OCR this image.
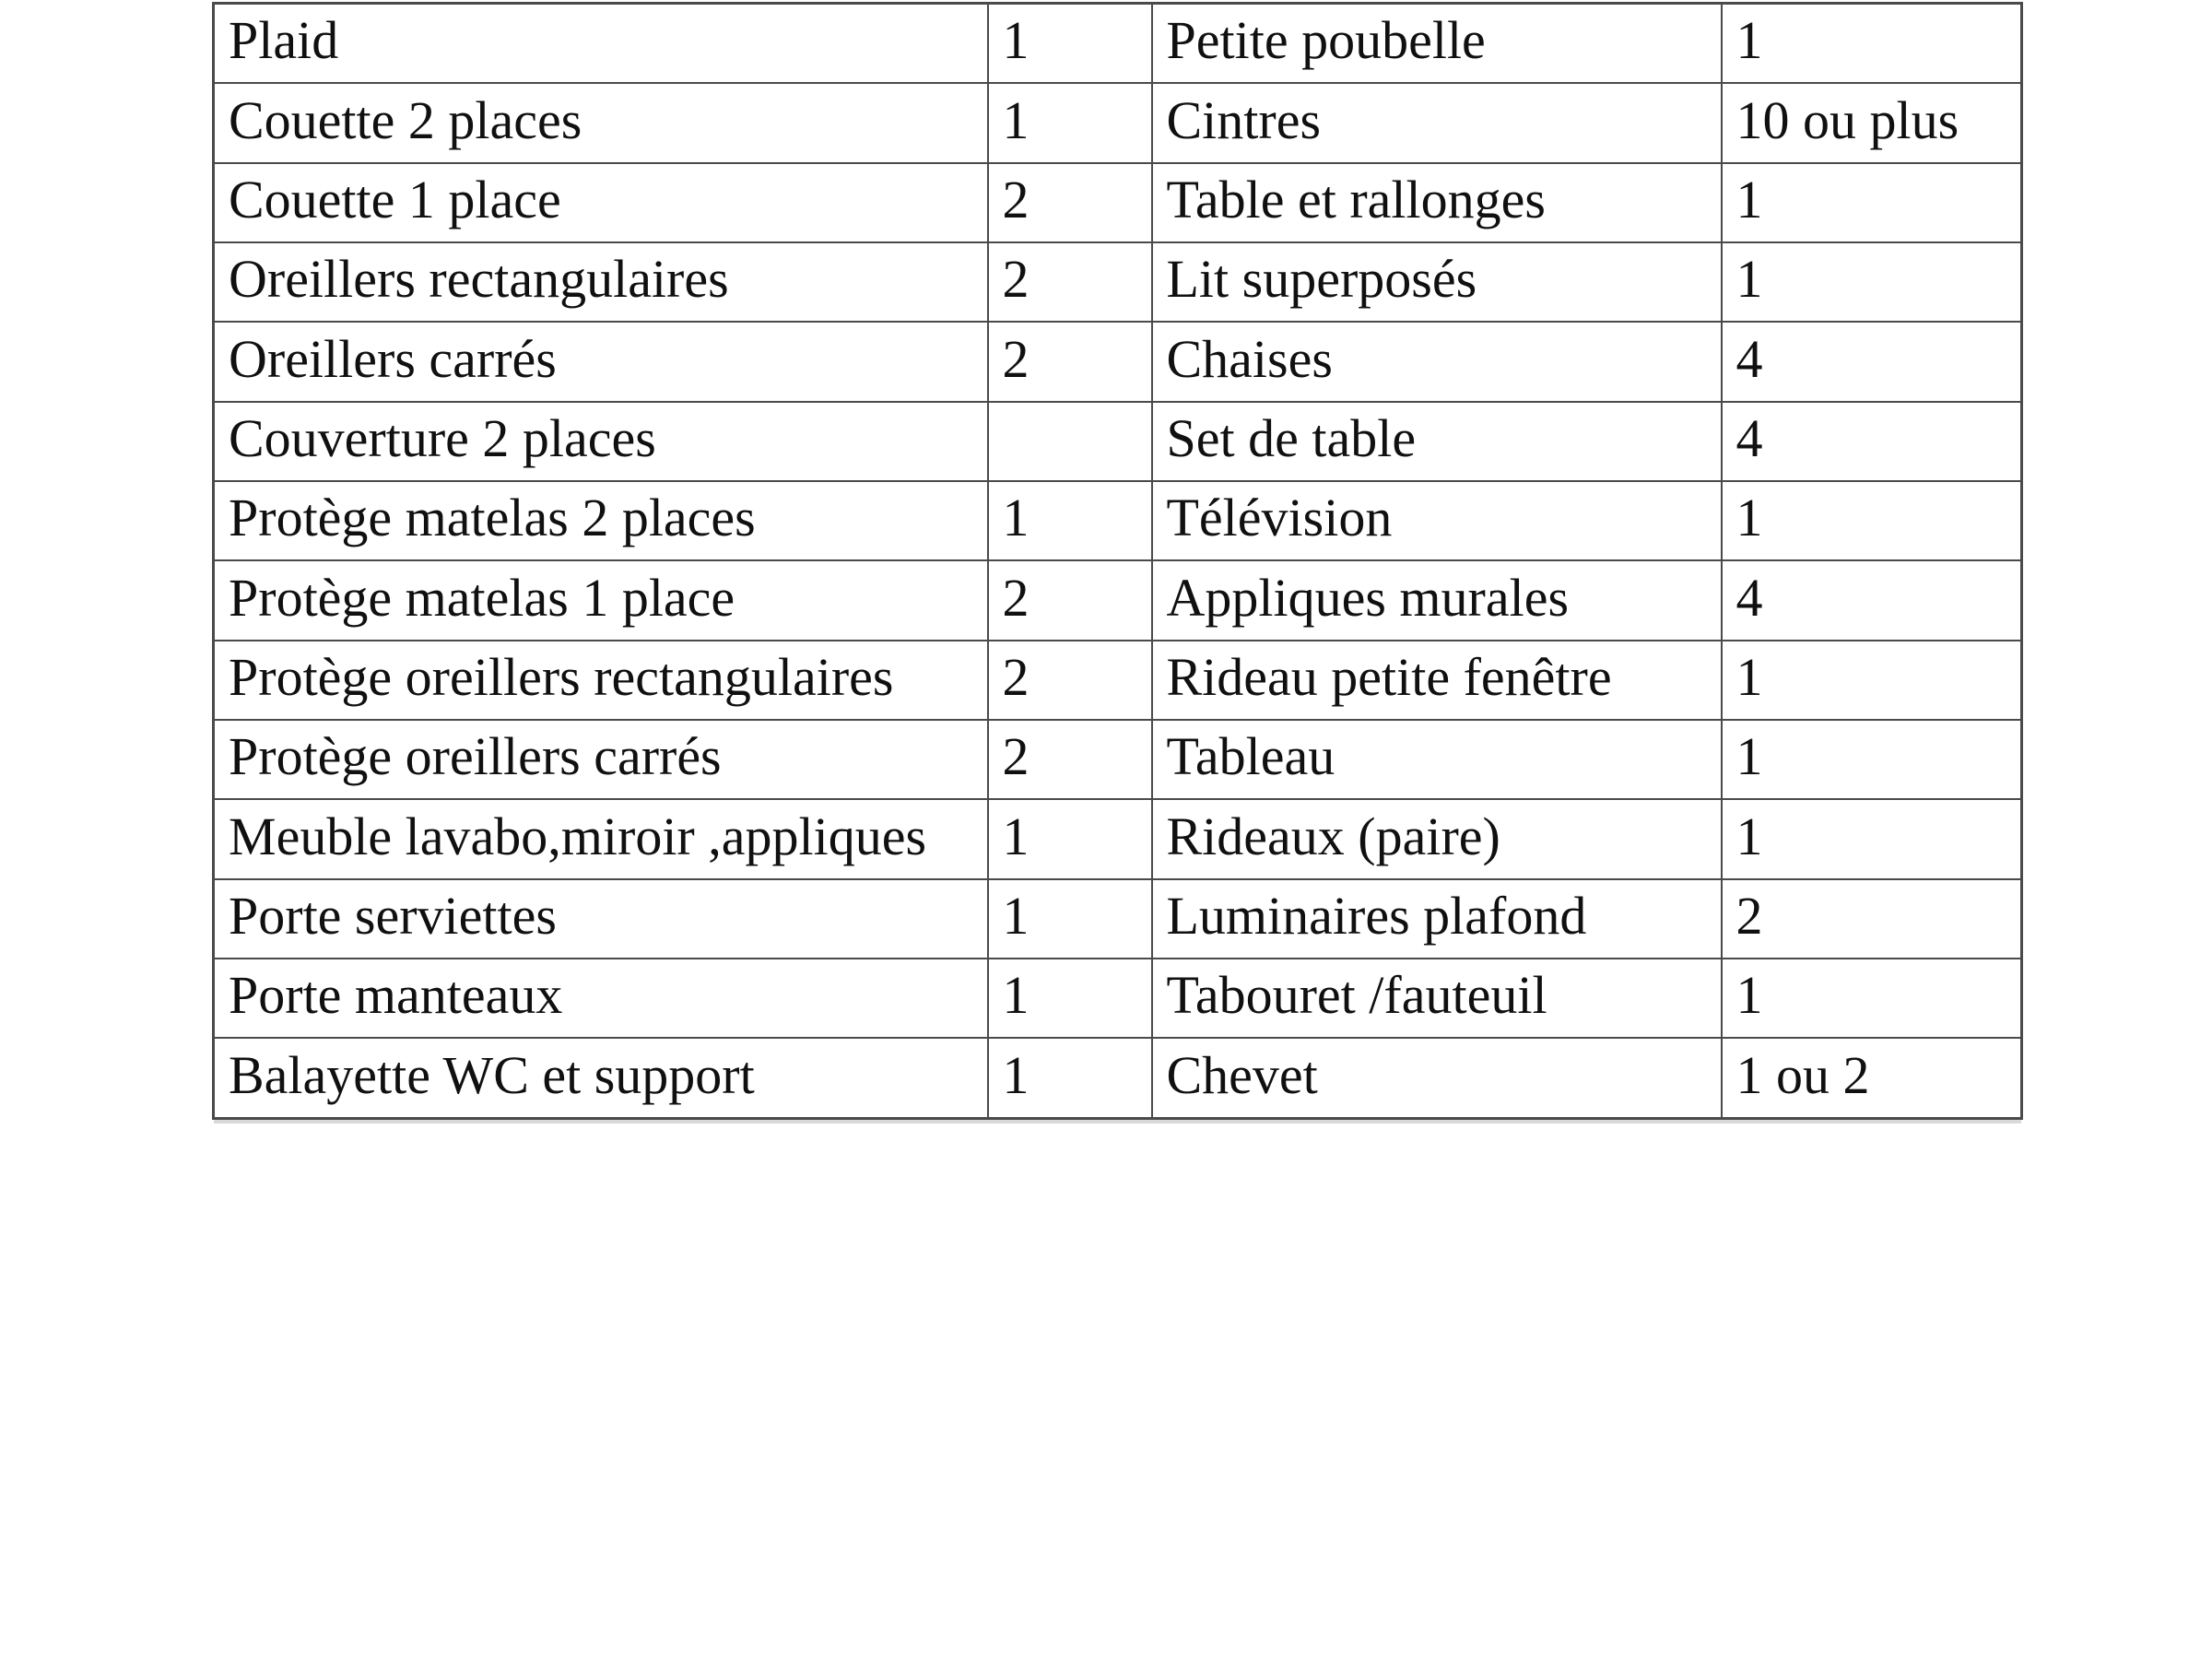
Plaid	1	Petite poubelle	1
Couette 2 places	1	Cintres	10 ou plus
Couette 1 place	2	Table et rallonges	1
Oreillers rectangulaires	2	Lit superposés	1
Oreillers carrés	2	Chaises	4
Couverture 2 places		Set de table	4
Protège matelas 2 places	1	Télévision	1
Protège matelas 1 place	2	Appliques murales	4
Protège oreillers rectangulaires	2	Rideau petite fenêtre	1
Protège oreillers carrés	2	Tableau	1
Meuble lavabo,miroir ,appliques	1	Rideaux (paire)	1
Porte serviettes	1	Luminaires plafond	2
Porte manteaux	1	Tabouret /fauteuil	1
Balayette WC et support	1	Chevet	1 ou 2
